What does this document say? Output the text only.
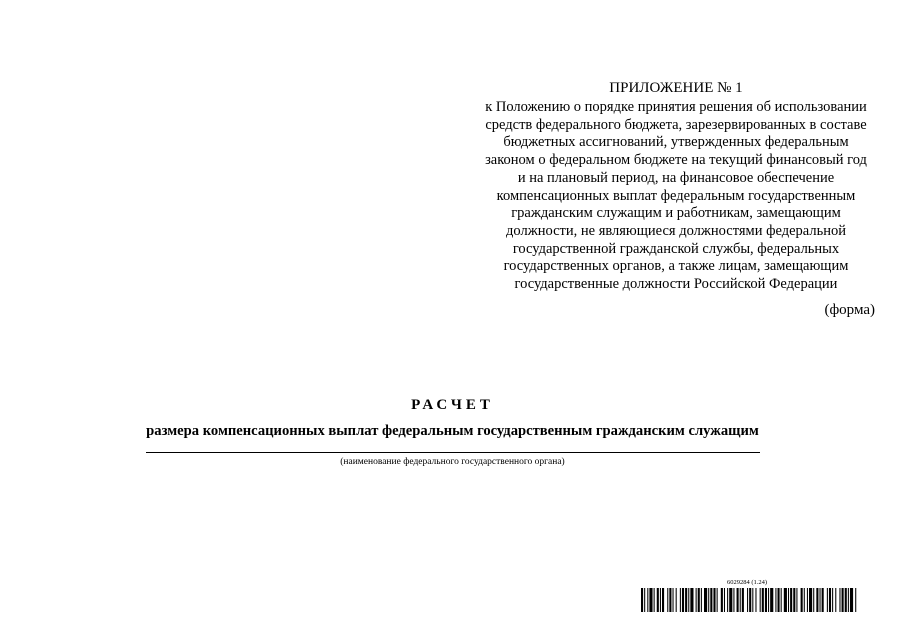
ПРИЛОЖЕНИЕ № 1
к Положению о порядке принятия решения об использовании
средств федерального бюджета, зарезервированных в составе
бюджетных ассигнований, утвержденных федеральным
законом о федеральном бюджете на текущий финансовый год
и на плановый период, на финансовое обеспечение
компенсационных выплат федеральным государственным
гражданским служащим и работникам, замещающим
должности, не являющиеся должностями федеральной
государственной гражданской службы, федеральных
государственных органов, а также лицам, замещающим
государственные должности Российской Федерации
(форма)
РАСЧЕТ
размера компенсационных выплат федеральным государственным гражданским служащим
(наименование федерального государственного органа)
6029284 (1.24)
